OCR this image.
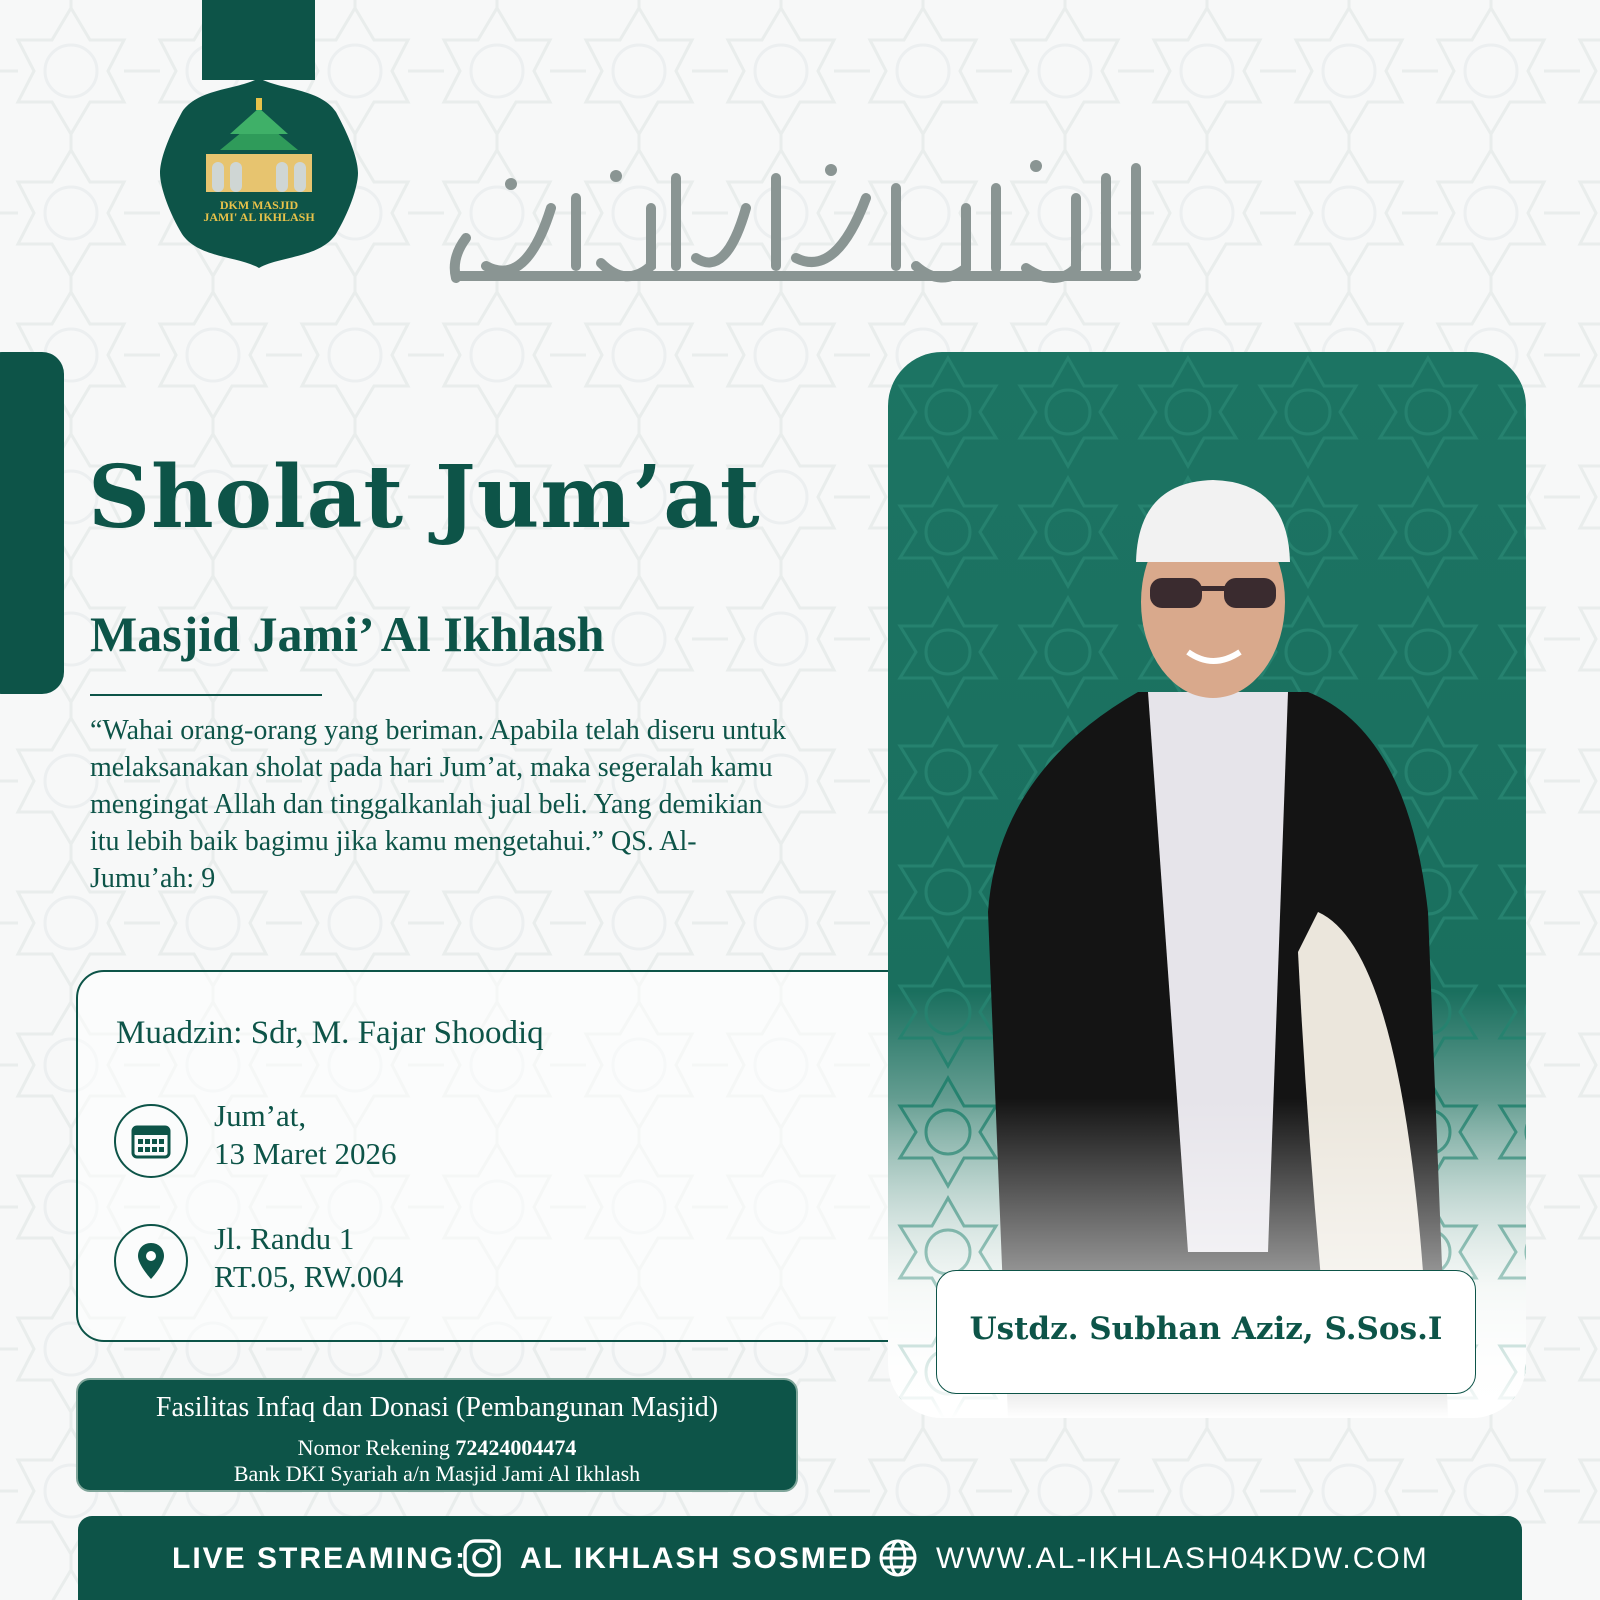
DKM MASJID
JAMI' AL IKHLASH
Sholat Jum’at
Masjid Jami’ Al Ikhlash

“Wahai orang-orang yang beriman. Apabila telah diseru untuk melaksanakan sholat pada hari Jum’at, maka segeralah kamu mengingat Allah dan tinggalkanlah jual beli. Yang demikian itu lebih baik bagimu jika kamu mengetahui.” QS. Al-Jumu’ah: 9

Muadzin: Sdr, M. Fajar Shoodiq
Jum’at,
13 Maret 2026
Jl. Randu 1
RT.05, RW.004
Ustdz. Subhan Aziz, S.Sos.I
Fasilitas Infaq dan Donasi (Pembangunan Masjid)
Nomor Rekening 72424004474
Bank DKI Syariah a/n Masjid Jami Al Ikhlash
LIVE STREAMING: AL IKHLASH SOSMED WWW.AL-IKHLASH04KDW.COM
